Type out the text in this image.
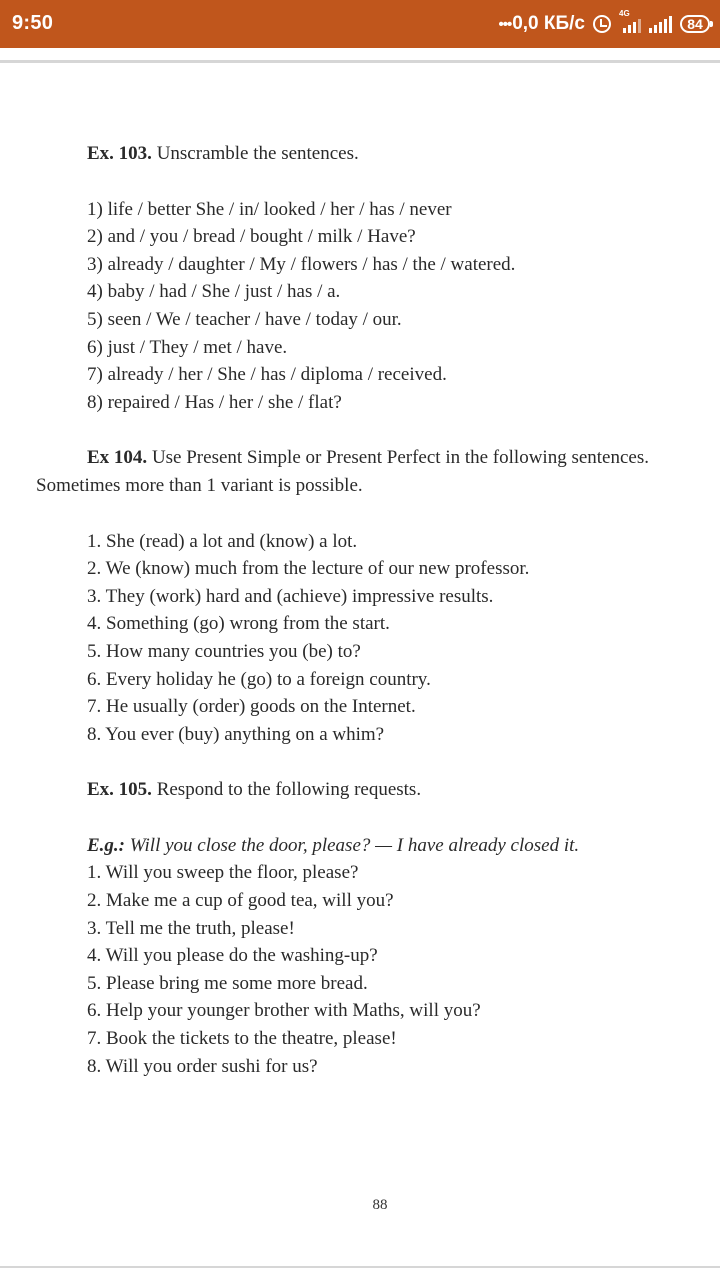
9:50	•••0,0 КБ/с	4G
84
Ex. 103. Unscramble the sentences.
1) life / better She / in/ looked / her / has / never
2) and / you / bread / bought / milk / Have?
3) already / daughter / My / flowers / has / the / watered.
4) baby / had / She / just / has / a.
5) seen / We / teacher / have / today / our.
6) just / They / met / have.
7) already / her / She / has / diploma / received.
8) repaired / Has / her / she / flat?
Ex 104. Use Present Simple or Present Perfect in the following sentences.
Sometimes more than 1 variant is possible.
1. She (read) a lot and (know) a lot.
2. We (know) much from the lecture of our new professor.
3. They (work) hard and (achieve) impressive results.
4. Something (go) wrong from the start.
5. How many countries you (be) to?
6. Every holiday he (go) to a foreign country.
7. He usually (order) goods on the Internet.
8. You ever (buy) anything on a whim?
Ex. 105. Respond to the following requests.
E.g.: Will you close the door, please? — I have already closed it.
1. Will you sweep the floor, please?
2. Make me a cup of good tea, will you?
3. Tell me the truth, please!
4. Will you please do the washing-up?
5. Please bring me some more bread.
6. Help your younger brother with Maths, will you?
7. Book the tickets to the theatre, please!
8. Will you order sushi for us?
88
